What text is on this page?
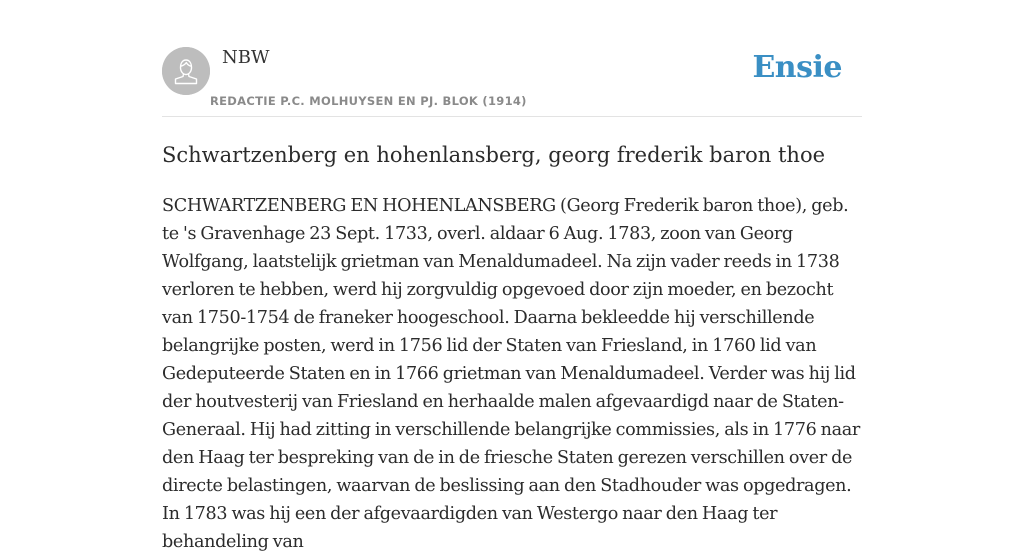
NBW
REDACTIE P.C. MOLHUYSEN EN PJ. BLOK (1914)
Ensie
Schwartzenberg en hohenlansberg, georg frederik baron thoe

SCHWARTZENBERG EN HOHENLANSBERG (Georg Frederik baron thoe), geb. te 's Gravenhage 23 Sept. 1733, overl. aldaar 6 Aug. 1783, zoon van Georg Wolfgang, laatstelijk grietman van Menaldumadeel. Na zijn vader reeds in 1738 verloren te hebben, werd hij zorgvuldig opgevoed door zijn moeder, en bezocht van 1750-1754 de franeker hoogeschool. Daarna bekleedde hij verschillende belangrijke posten, werd in 1756 lid der Staten van Friesland, in 1760 lid van Gedeputeerde Staten en in 1766 grietman van Menaldumadeel. Verder was hij lid der houtvesterij van Friesland en herhaalde malen afgevaardigd naar de Staten-Generaal. Hij had zitting in verschillende belangrijke commissies, als in 1776 naar den Haag ter bespreking van de in de friesche Staten gerezen verschillen over de directe belastingen, waarvan de beslissing aan den Stadhouder was opgedragen. In 1783 was hij een der afgevaardigden van Westergo naar den Haag ter behandeling van
